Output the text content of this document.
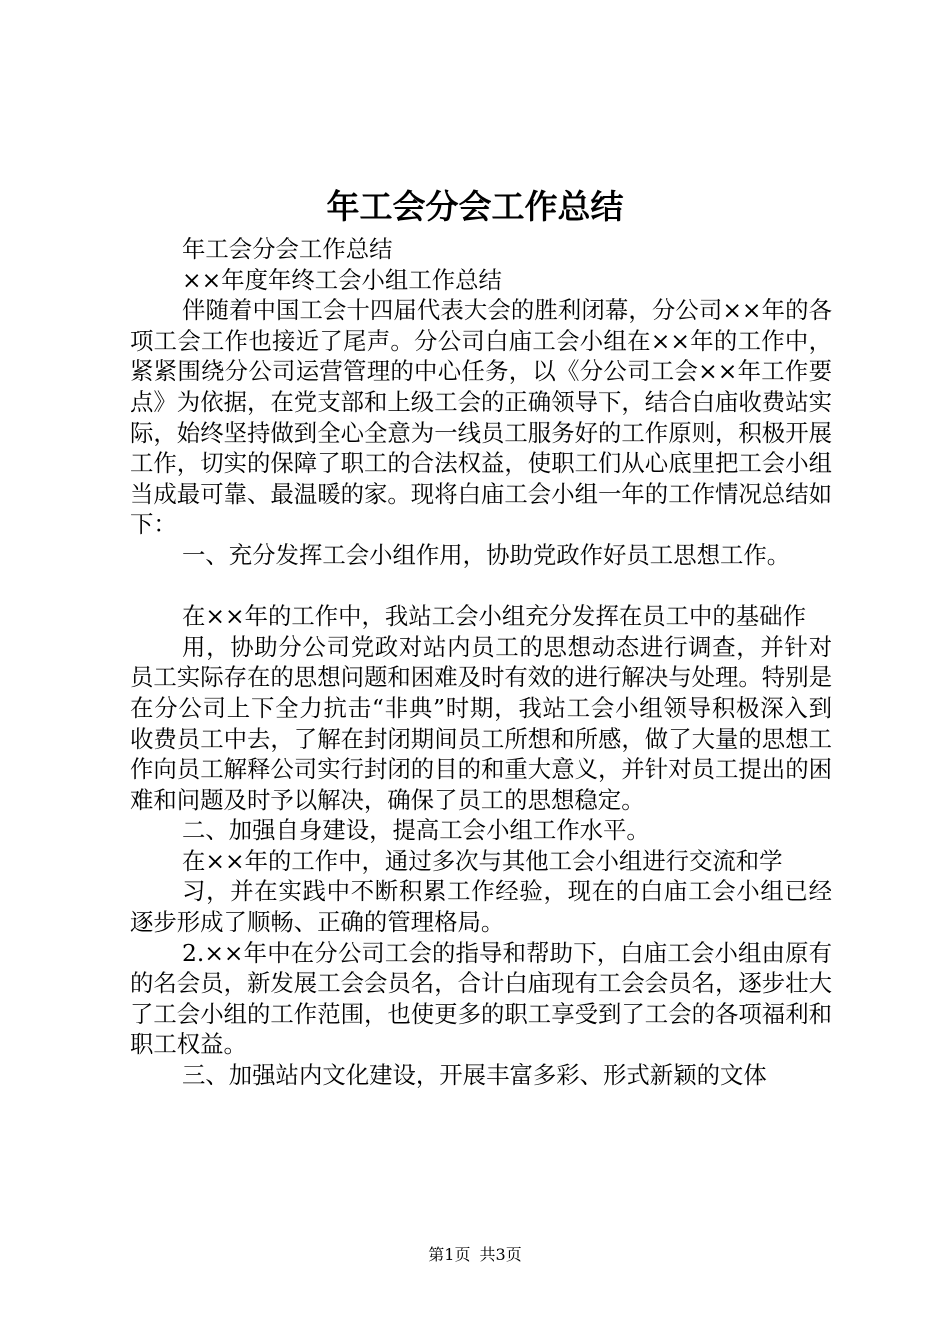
年工会分会工作总结

年工会分会工作总结

××年度年终工会小组工作总结

伴随着中国工会十四届代表大会的胜利闭幕，分公司××年的各项工会工作也接近了尾声。分公司白庙工会小组在××年的工作中，紧紧围绕分公司运营管理的中心任务，以《分公司工会××年工作要点》为依据，在党支部和上级工会的正确领导下，结合白庙收费站实际，始终坚持做到全心全意为一线员工服务好的工作原则，积极开展工作，切实的保障了职工的合法权益，使职工们从心底里把工会小组当成最可靠、最温暖的家。现将白庙工会小组一年的工作情况总结如下：

一、充分发挥工会小组作用，协助党政作好员工思想工作。

在××年的工作中，我站工会小组充分发挥在员工中的基础作

用，协助分公司党政对站内员工的思想动态进行调查，并针对员工实际存在的思想问题和困难及时有效的进行解决与处理。特别是在分公司上下全力抗击“非典”时期，我站工会小组领导积极深入到收费员工中去，了解在封闭期间员工所想和所感，做了大量的思想工作向员工解释公司实行封闭的目的和重大意义，并针对员工提出的困难和问题及时予以解决，确保了员工的思想稳定。

二、加强自身建设，提高工会小组工作水平。

在××年的工作中，通过多次与其他工会小组进行交流和学

习，并在实践中不断积累工作经验，现在的白庙工会小组已经逐步形成了顺畅、正确的管理格局。

2.××年中在分公司工会的指导和帮助下，白庙工会小组由原有的名会员，新发展工会会员名，合计白庙现有工会会员名，逐步壮大了工会小组的工作范围，也使更多的职工享受到了工会的各项福利和职工权益。

三、加强站内文化建设，开展丰富多彩、形式新颖的文体

第1页 共3页
